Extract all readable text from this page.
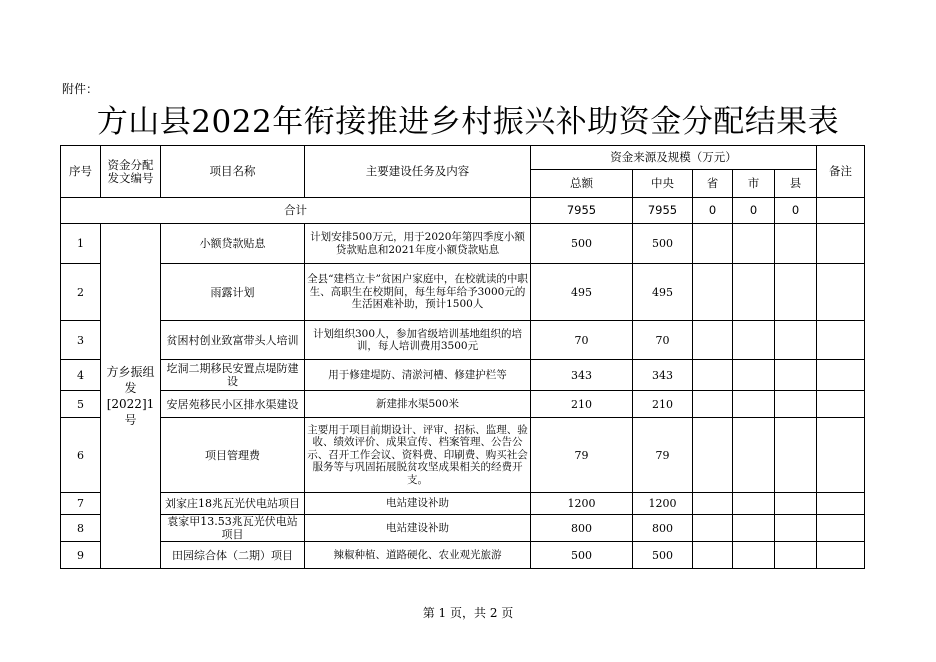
附件：
方山县2022年衔接推进乡村振兴补助资金分配结果表
序号	资金分配发文编号	项目名称	主要建设任务及内容	资金来源及规模（万元）					备注
				总额	中央	省	市	县	
合计				7955	7955	0	0	0	
1	方乡振组发[2022]1号	小额贷款贴息	计划安排500万元，用于2020年第四季度小额贷款贴息和2021年度小额贷款贴息	500	500				
2		雨露计划	全县“建档立卡”贫困户家庭中，在校就读的中职生、高职生在校期间，每生每年给予3000元的生活困难补助，预计1500人	495	495				
3		贫困村创业致富带头人培训	计划组织300人，参加省级培训基地组织的培训，每人培训费用3500元	70	70				
4		圪洞二期移民安置点堤防建设	用于修建堤防、清淤河槽、修建护栏等	343	343				
5		安居苑移民小区排水渠建设	新建排水渠500米	210	210				
6		项目管理费	主要用于项目前期设计、评审、招标、监理、验收、绩效评价、成果宣传、档案管理、公告公示、召开工作会议、资料费、印刷费、购买社会服务等与巩固拓展脱贫攻坚成果相关的经费开支。	79	79				
7		刘家庄18兆瓦光伏电站项目	电站建设补助	1200	1200				
8		袁家甲13.53兆瓦光伏电站项目	电站建设补助	800	800				
9		田园综合体（二期）项目	辣椒种植、道路硬化、农业观光旅游	500	500				
第 1 页，共 2 页
